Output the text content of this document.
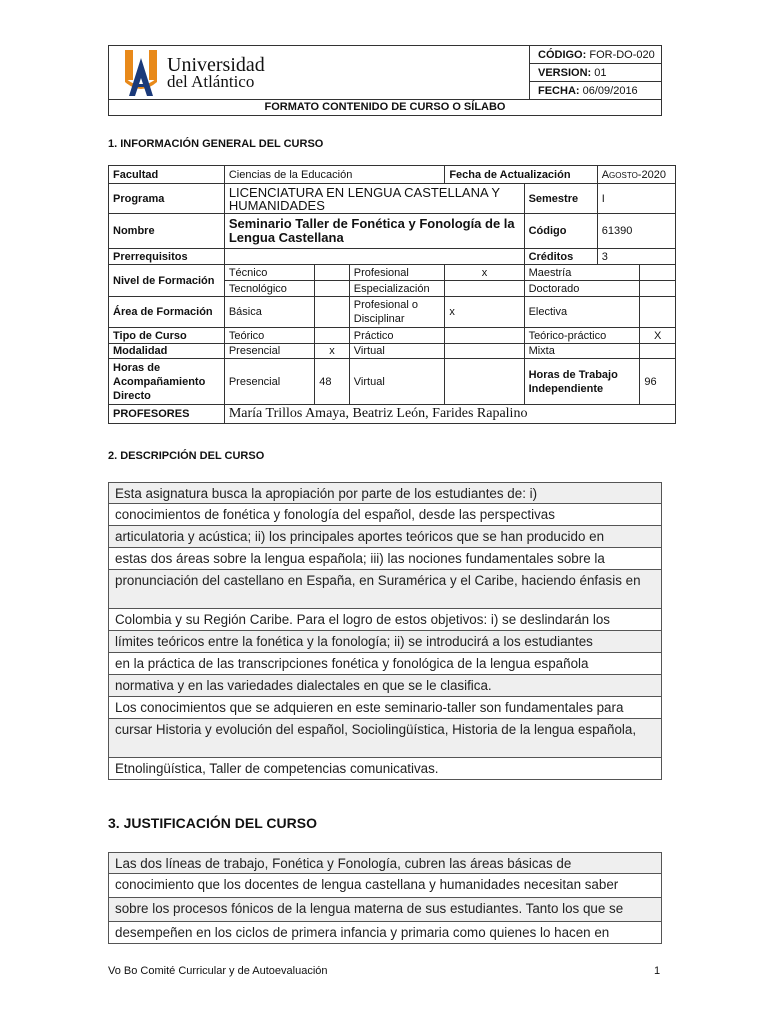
Universidad
del Atlántico
CÓDIGO: FOR-DO-020
VERSION: 01
FECHA: 06/09/2016
FORMATO CONTENIDO DE CURSO O SÍLABO
1. INFORMACIÓN GENERAL DEL CURSO
Facultad	Ciencias de la Educación			Fecha de Actualización		Agosto-2020	
Programa	LICENCIATURA EN LENGUA CASTELLANA Y HUMANIDADES				Semestre	I	
Nombre	Seminario Taller de Fonética y Fonología de la Lengua Castellana				Código	61390	
Prerrequisitos					Créditos	3	
Nivel de Formación	Técnico		Profesional	x	Maestría		
	Tecnológico		Especialización		Doctorado		
Área de Formación	Básica		Profesional o Disciplinar	x	Electiva		
Tipo de Curso	Teórico		Práctico		Teórico-práctico		X
Modalidad	Presencial	x	Virtual		Mixta		
Horas de Acompañamiento Directo	Presencial	48	Virtual		Horas de Trabajo Independiente		96
PROFESORES	María Trillos Amaya, Beatriz León, Farides Rapalino						
2. DESCRIPCIÓN DEL CURSO
Esta asignatura busca la apropiación por parte de los estudiantes de: i)
conocimientos de fonética y fonología del español, desde las perspectivas
articulatoria y acústica; ii) los principales aportes teóricos que se han producido en
estas dos áreas sobre la lengua española; iii) las nociones fundamentales sobre la
pronunciación del castellano en España, en Suramérica y el Caribe, haciendo énfasis en
Colombia y su Región Caribe. Para el logro de estos objetivos: i) se deslindarán los
límites teóricos entre la fonética y la fonología; ii) se introducirá a los estudiantes
en la práctica de las transcripciones fonética y fonológica de la lengua española
normativa y en las variedades dialectales en que se le clasifica.
Los conocimientos que se adquieren en este seminario-taller son fundamentales para
cursar Historia y evolución del español, Sociolingüística, Historia de la lengua española,
Etnolingüística, Taller de competencias comunicativas.
3. JUSTIFICACIÓN DEL CURSO
Las dos líneas de trabajo, Fonética y Fonología, cubren las áreas básicas de
conocimiento que los docentes de lengua castellana y humanidades necesitan saber
sobre los procesos fónicos de la lengua materna de sus estudiantes. Tanto los que se
desempeñen en los ciclos de primera infancia y primaria como quienes lo hacen en
Vo Bo Comité Curricular y de Autoevaluación	1
